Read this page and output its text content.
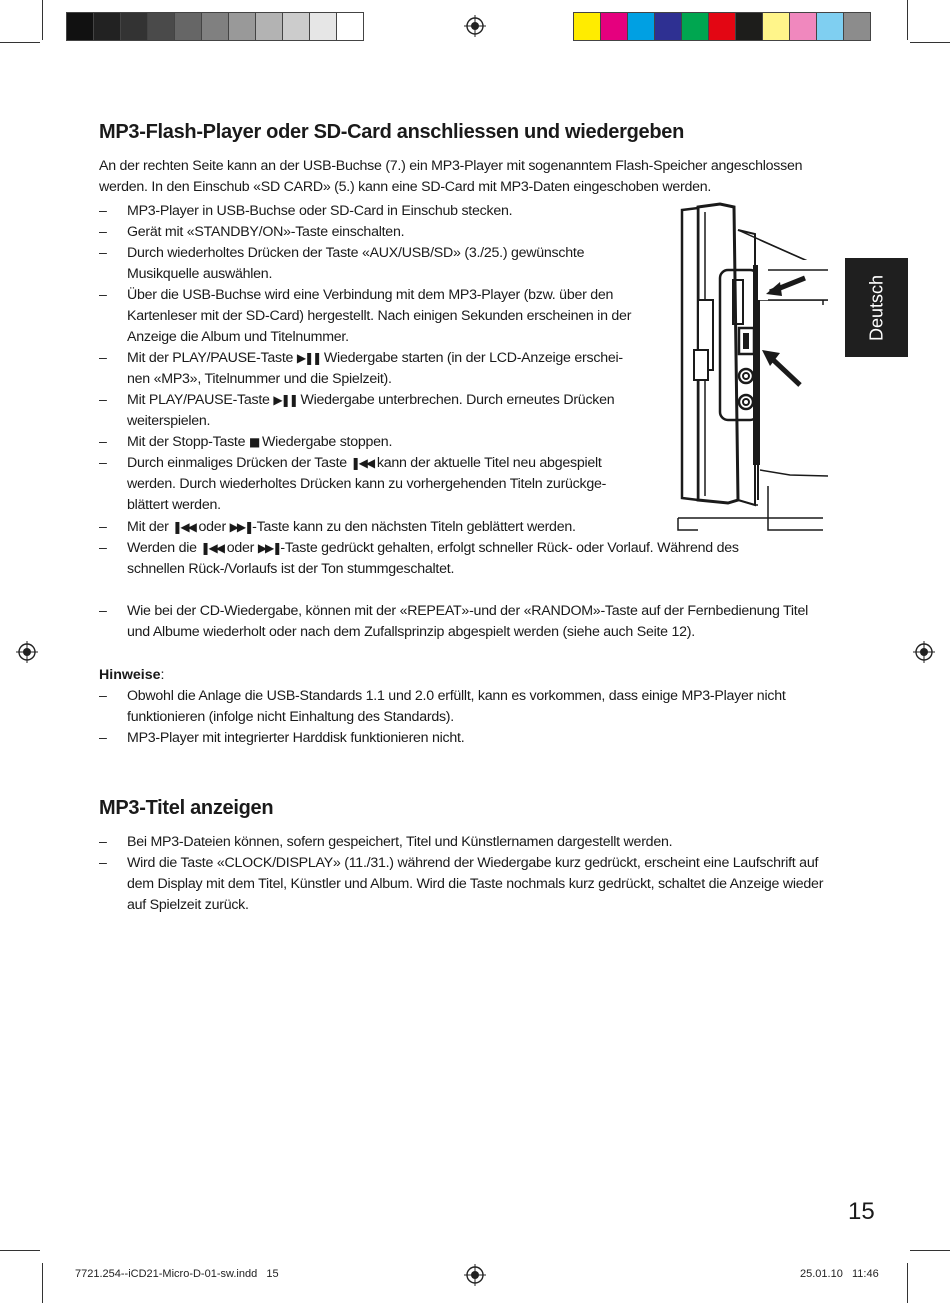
Deutsch
MP3-Flash-Player oder SD-Card anschliessen und wiedergeben

An der rechten Seite kann an der USB-Buchse (7.) ein MP3-Player mit sogenanntem Flash-Speicher angeschlossen werden. In den Einschub «SD CARD» (5.) kann eine SD-Card mit MP3-Daten eingeschoben werden.

– MP3-Player in USB-Buchse oder SD-Card in Einschub stecken.
– Gerät mit «STANDBY/ON»-Taste einschalten.
– Durch wiederholtes Drücken der Taste «AUX/USB/SD» (3./25.) gewünschte Musikquelle auswählen.
– Über die USB-Buchse wird eine Verbindung mit dem MP3-Player (bzw. über den Kartenleser mit der SD-Card) hergestellt. Nach einigen Sekunden erscheinen in der Anzeige die Album und Titelnummer.
– Mit der PLAY/PAUSE-Taste ▶❚❚ Wiedergabe starten (in der LCD-Anzeige erschei-
nen «MP3», Titelnummer und die Spielzeit).
– Mit PLAY/PAUSE-Taste ▶❚❚ Wiedergabe unterbrechen. Durch erneutes Drücken
weiterspielen.
– Mit der Stopp-Taste ■ Wiedergabe stoppen.
– Durch einmaliges Drücken der Taste ❚◀◀ kann der aktuelle Titel neu abgespielt
werden. Durch wiederholtes Drücken kann zu vorhergehenden Titeln zurückge-
blättert werden.
– Mit der ❚◀◀ oder ▶▶❚-Taste kann zu den nächsten Titeln geblättert werden.
– Werden die ❚◀◀ oder ▶▶❚-Taste gedrückt gehalten, erfolgt schneller Rück- oder Vorlauf. Während des
schnellen Rück-/Vorlaufs ist der Ton stummgeschaltet.
– Wie bei der CD-Wiedergabe, können mit der «REPEAT»-und der «RANDOM»-Taste auf der Fernbedienung Titel und Albume wiederholt oder nach dem Zufallsprinzip abgespielt werden (siehe auch Seite 12).
Hinweise:
– Obwohl die Anlage die USB-Standards 1.1 und 2.0 erfüllt, kann es vorkommen, dass einige MP3-Player nicht funktionieren (infolge nicht Einhaltung des Standards).
– MP3-Player mit integrierter Harddisk funktionieren nicht.
MP3-Titel anzeigen
– Bei MP3-Dateien können, sofern gespeichert, Titel und Künstlernamen dargestellt werden.
– Wird die Taste «CLOCK/DISPLAY» (11./31.) während der Wiedergabe kurz gedrückt, erscheint eine Laufschrift auf dem Display mit dem Titel, Künstler und Album. Wird die Taste nochmals kurz gedrückt, schaltet die Anzeige wieder auf Spielzeit zurück.
15
7721.254--iCD21-Micro-D-01-sw.indd   15	25.01.10   11:46
